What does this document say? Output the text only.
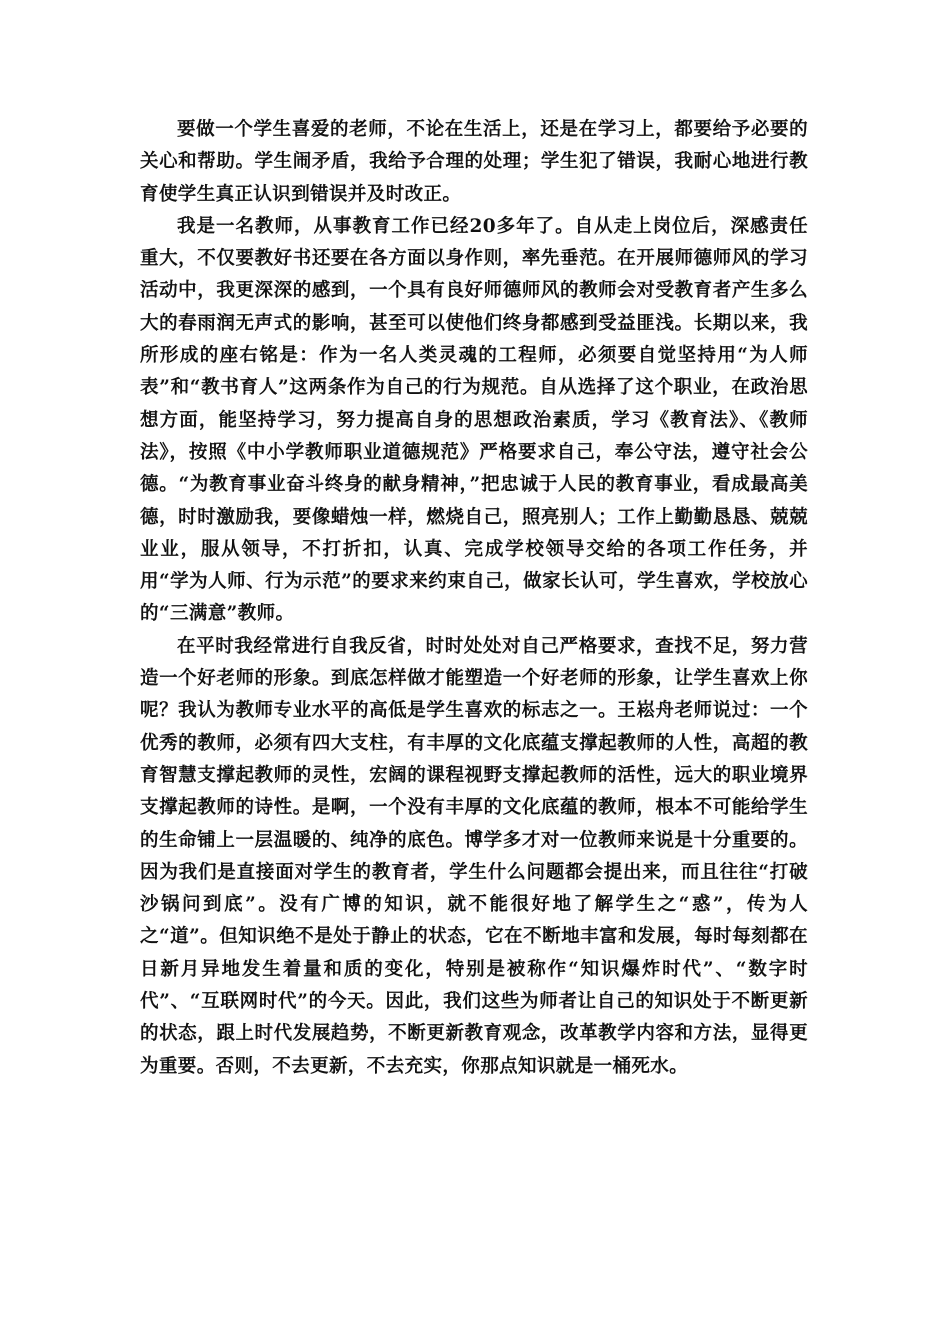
要做一个学生喜爱的老师，不论在生活上，还是在学习上，都要给予必要的关心和帮助。学生闹矛盾，我给予合理的处理；学生犯了错误，我耐心地进行教育使学生真正认识到错误并及时改正。

我是一名教师，从事教育工作已经20多年了。自从走上岗位后，深感责任重大，不仅要教好书还要在各方面以身作则，率先垂范。在开展师德师风的学习活动中，我更深深的感到，一个具有良好师德师风的教师会对受教育者产生多么大的春雨润无声式的影响，甚至可以使他们终身都感到受益匪浅。长期以来，我所形成的座右铭是：作为一名人类灵魂的工程师，必须要自觉坚持用“为人师表”和“教书育人”这两条作为自己的行为规范。自从选择了这个职业，在政治思想方面，能坚持学习，努力提高自身的思想政治素质，学习《教育法》、《教师法》，按照《中小学教师职业道德规范》严格要求自己，奉公守法，遵守社会公德。“为教育事业奋斗终身的献身精神，”把忠诚于人民的教育事业，看成最高美德，时时激励我，要像蜡烛一样，燃烧自己，照亮别人；工作上勤勤恳恳、兢兢业业，服从领导，不打折扣，认真、完成学校领导交给的各项工作任务，并用“学为人师、行为示范”的要求来约束自己，做家长认可，学生喜欢，学校放心的“三满意”教师。

在平时我经常进行自我反省，时时处处对自己严格要求，查找不足，努力营造一个好老师的形象。到底怎样做才能塑造一个好老师的形象，让学生喜欢上你呢？我认为教师专业水平的高低是学生喜欢的标志之一。王崧舟老师说过：一个优秀的教师，必须有四大支柱，有丰厚的文化底蕴支撑起教师的人性，高超的教育智慧支撑起教师的灵性，宏阔的课程视野支撑起教师的活性，远大的职业境界支撑起教师的诗性。是啊，一个没有丰厚的文化底蕴的教师，根本不可能给学生的生命铺上一层温暖的、纯净的底色。博学多才对一位教师来说是十分重要的。因为我们是直接面对学生的教育者，学生什么问题都会提出来，而且往往“打破沙锅问到底”。没有广博的知识，就不能很好地了解学生之“惑”，传为人之“道”。但知识绝不是处于静止的状态，它在不断地丰富和发展，每时每刻都在日新月异地发生着量和质的变化，特别是被称作“知识爆炸时代”、“数字时代”、“互联网时代”的今天。因此，我们这些为师者让自己的知识处于不断更新的状态，跟上时代发展趋势，不断更新教育观念，改革教学内容和方法，显得更为重要。否则，不去更新，不去充实，你那点知识就是一桶死水。
